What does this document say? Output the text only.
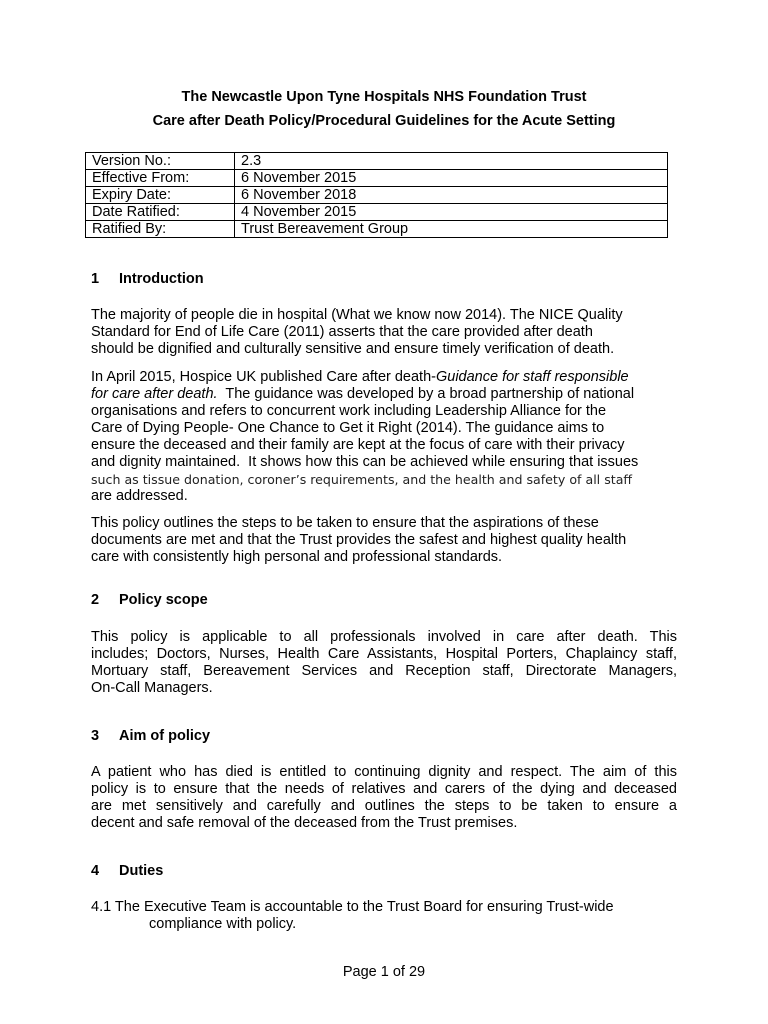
The Newcastle Upon Tyne Hospitals NHS Foundation Trust
Care after Death Policy/Procedural Guidelines for the Acute Setting
Version No.:	2.3
Effective From:	6 November 2015
Expiry Date:	6 November 2018
Date Ratified:	4 November 2015
Ratified By:	Trust Bereavement Group
1 Introduction
The majority of people die in hospital (What we know now 2014). The NICE Quality
Standard for End of Life Care (2011) asserts that the care provided after death
should be dignified and culturally sensitive and ensure timely verification of death.
In April 2015, Hospice UK published Care after death-Guidance for staff responsible
for care after death.  The guidance was developed by a broad partnership of national
organisations and refers to concurrent work including Leadership Alliance for the
Care of Dying People- One Chance to Get it Right (2014). The guidance aims to
ensure the deceased and their family are kept at the focus of care with their privacy
and dignity maintained.  It shows how this can be achieved while ensuring that issues
such as tissue donation, coroner’s requirements, and the health and safety of all staff
are addressed.
This policy outlines the steps to be taken to ensure that the aspirations of these
documents are met and that the Trust provides the safest and highest quality health
care with consistently high personal and professional standards.
2 Policy scope
This policy is applicable to all professionals involved in care after death. This
includes; Doctors, Nurses, Health Care Assistants, Hospital Porters, Chaplaincy staff,
Mortuary staff, Bereavement Services and Reception staff, Directorate Managers,
On-Call Managers.
3 Aim of policy
A patient who has died is entitled to continuing dignity and respect. The aim of this
policy is to ensure that the needs of relatives and carers of the dying and deceased
are met sensitively and carefully and outlines the steps to be taken to ensure a
decent and safe removal of the deceased from the Trust premises.
4 Duties
4.1 The Executive Team is accountable to the Trust Board for ensuring Trust-wide
compliance with policy.
Page 1 of 29
